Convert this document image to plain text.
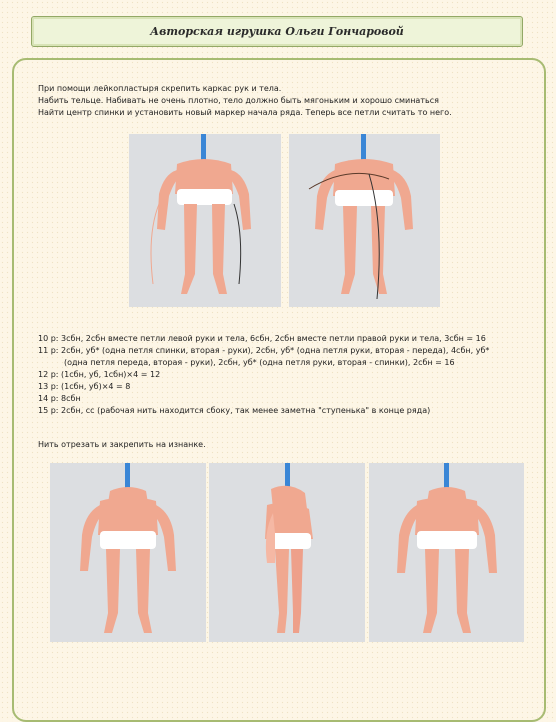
Авторская игрушка Ольги Гончаровой
При помощи лейкопластыря скрепить каркас рук и тела.
Набить тельце. Набивать не очень плотно, тело должно быть мягоньким и хорошо сминаться
Найти центр спинки и установить новый маркер начала ряда. Теперь все петли считать то него.
10 р: 3сбн, 2сбн вместе петли левой руки и тела, 6сбн, 2сбн вместе петли правой руки и тела, 3сбн = 16
11 р: 2сбн, уб* (одна петля спинки, вторая - руки), 2сбн, уб* (одна петля руки, вторая - переда), 4сбн, уб*
(одна петля переда, вторая - руки), 2сбн, уб* (одна петля руки, вторая - спинки), 2сбн = 16
12 р: (1сбн, уб, 1сбн)×4 = 12
13 р: (1сбн, уб)×4 = 8
14 р: 8сбн
15 р: 2сбн, сс (рабочая нить находится сбоку, так менее заметна "ступенька" в конце ряда)
Нить отрезать и закрепить на изнанке.
